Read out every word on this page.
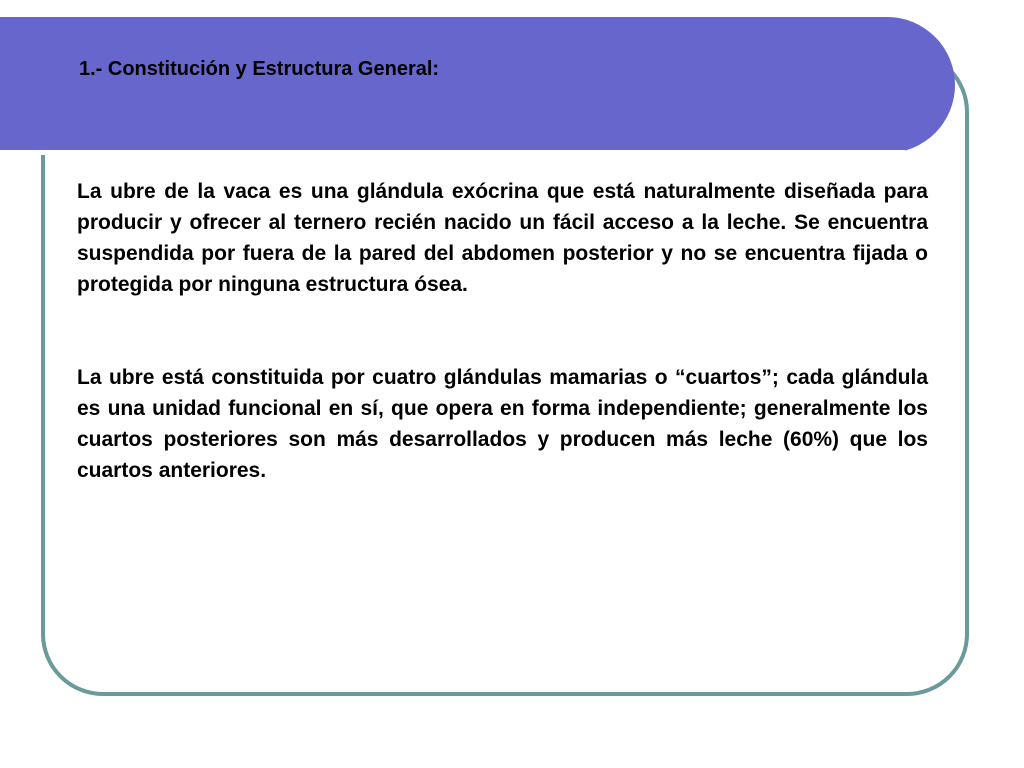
1.- Constitución y Estructura General:

La ubre de la vaca es una glándula exócrina que está naturalmente diseñada para producir y ofrecer al ternero recién nacido un fácil acceso a la leche. Se encuentra suspendida por fuera de la pared del abdomen posterior y no se encuentra fijada o protegida por ninguna estructura ósea.

La ubre está constituida por cuatro glándulas mamarias o “cuartos”; cada glándula es una unidad funcional en sí, que opera en forma independiente; generalmente los cuartos posteriores son más desarrollados y producen más leche (60%) que los cuartos anteriores.
